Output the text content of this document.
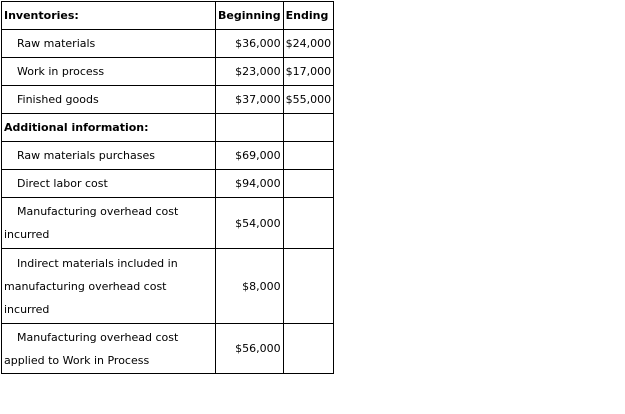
Inventories:	Beginning	Ending
Raw materials	$36,000	$24,000
Work in process	$23,000	$17,000
Finished goods	$37,000	$55,000
Additional information:		
Raw materials purchases	$69,000	
Direct labor cost	$94,000	
Manufacturing overhead cost incurred	$54,000	
Indirect materials included in manufacturing overhead cost incurred	$8,000	
Manufacturing overhead cost applied to Work in Process	$56,000	
